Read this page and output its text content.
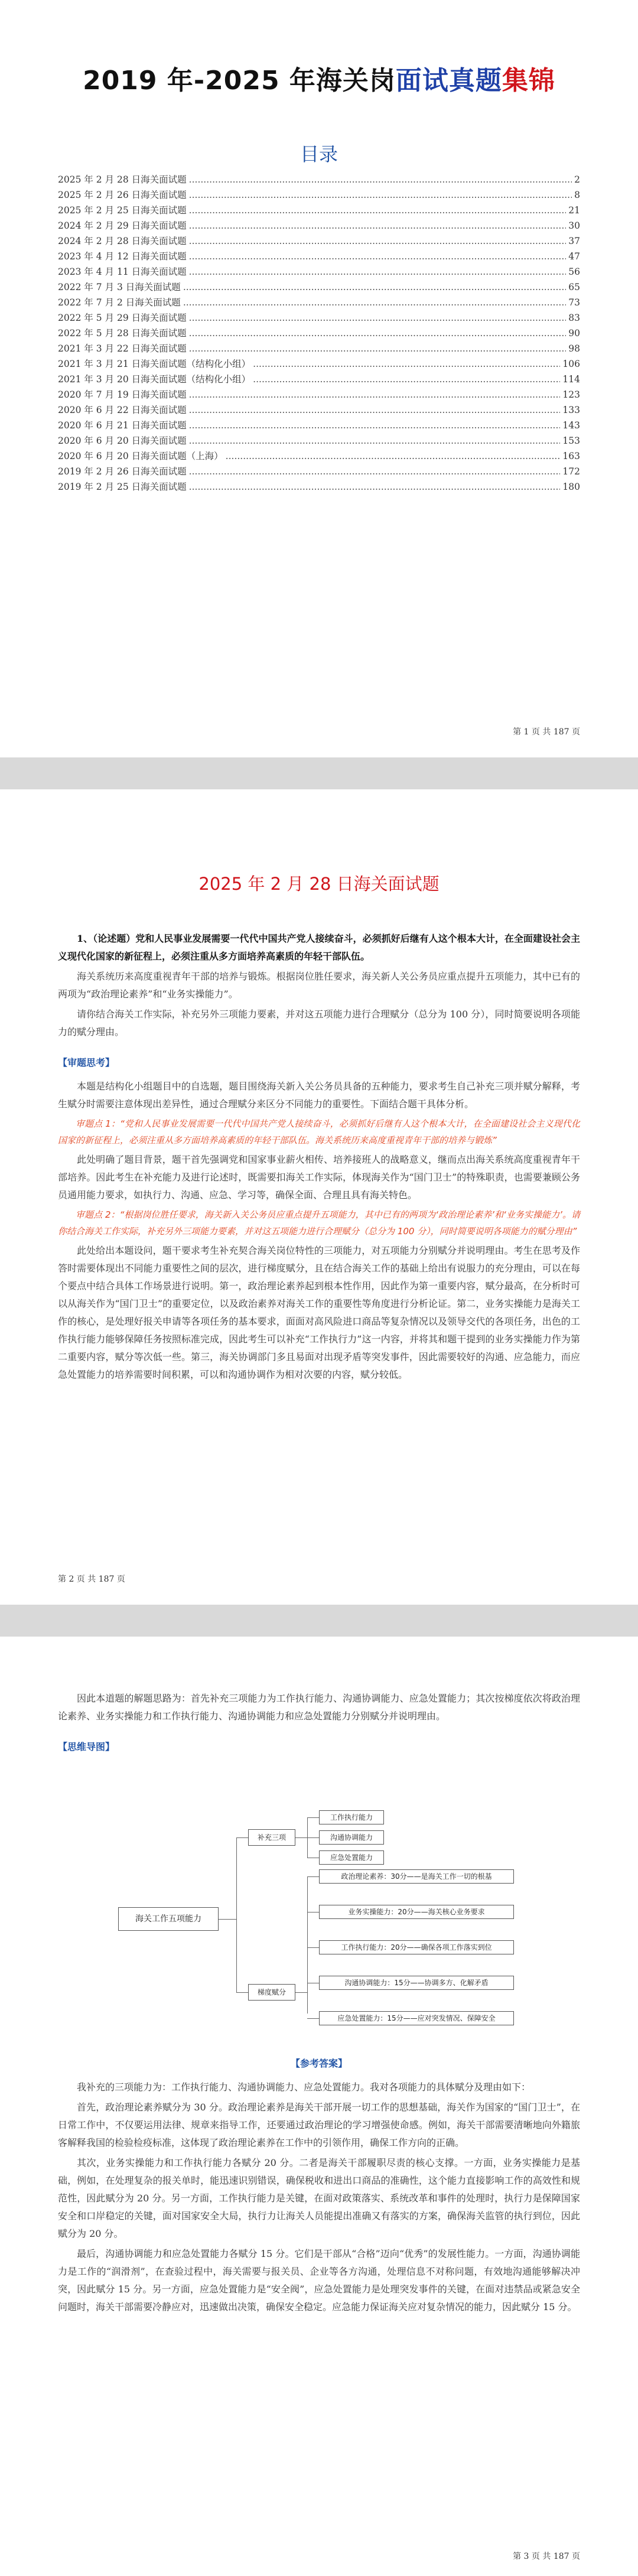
2019 年-2025 年海关岗面试真题集锦
目录
2025 年 2 月 28 日海关面试题 .....	2
2025 年 2 月 26 日海关面试题 .....	8
2025 年 2 月 25 日海关面试题 .....	21
2024 年 2 月 29 日海关面试题 .....	30
2024 年 2 月 28 日海关面试题 .....	37
2023 年 4 月 12 日海关面试题 .....	47
2023 年 4 月 11 日海关面试题 .....	56
2022 年 7 月 3 日海关面试题 .....	65
2022 年 7 月 2 日海关面试题 .....	73
2022 年 5 月 29 日海关面试题 .....	83
2022 年 5 月 28 日海关面试题 .....	90
2021 年 3 月 22 日海关面试题 .....	98
2021 年 3 月 21 日海关面试题（结构化小组） .....	106
2021 年 3 月 20 日海关面试题（结构化小组） .....	114
2020 年 7 月 19 日海关面试题 .....	123
2020 年 6 月 22 日海关面试题 .....	133
2020 年 6 月 21 日海关面试题 .....	143
2020 年 6 月 20 日海关面试题 .....	153
2020 年 6 月 20 日海关面试题（上海） .....	163
2019 年 2 月 26 日海关面试题 .....	172
2019 年 2 月 25 日海关面试题 .....	180
第 1 页 共 187 页
2025 年 2 月 28 日海关面试题

1、（论述题）党和人民事业发展需要一代代中国共产党人接续奋斗，必须抓好后继有人这个根本大计，在全面建设社会主义现代化国家的新征程上，必须注重从多方面培养高素质的年轻干部队伍。

海关系统历来高度重视青年干部的培养与锻炼。根据岗位胜任要求，海关新人关公务员应重点提升五项能力，其中已有的两项为“政治理论素养”和“业务实操能力”。

请你结合海关工作实际，补充另外三项能力要素，并对这五项能力进行合理赋分（总分为 100 分），同时简要说明各项能力的赋分理由。

【审题思考】

本题是结构化小组题目中的自选题，题目围绕海关新入关公务员具备的五种能力，要求考生自己补充三项并赋分解释，考生赋分时需要注意体现出差异性，通过合理赋分来区分不同能力的重要性。下面结合题干具体分析。

审题点 1：“党和人民事业发展需要一代代中国共产党人接续奋斗，必须抓好后继有人这个根本大计，在全面建设社会主义现代化国家的新征程上，必须注重从多方面培养高素质的年轻干部队伍。海关系统历来高度重视青年干部的培养与锻炼”

此处明确了题目背景，题干首先强调党和国家事业薪火相传、培养接班人的战略意义，继而点出海关系统高度重视青年干部培养。因此考生在补充能力及进行论述时，既需要扣海关工作实际，体现海关作为“国门卫士”的特殊职责，也需要兼顾公务员通用能力要求，如执行力、沟通、应急、学习等，确保全面、合理且具有海关特色。

审题点 2：“根据岗位胜任要求，海关新入关公务员应重点提升五项能力，其中已有的两项为‘政治理论素养’和‘业务实操能力’。请你结合海关工作实际，补充另外三项能力要素，并对这五项能力进行合理赋分（总分为 100 分），同时简要说明各项能力的赋分理由”

此处给出本题设问，题干要求考生补充契合海关岗位特性的三项能力，对五项能力分别赋分并说明理由。考生在思考及作答时需要体现出不同能力重要性之间的层次，进行梯度赋分，且在结合海关工作的基础上给出有说服力的充分理由，可以在每个要点中结合具体工作场景进行说明。第一，政治理论素养起到根本性作用，因此作为第一重要内容，赋分最高，在分析时可以从海关作为“国门卫士”的重要定位，以及政治素养对海关工作的重要性等角度进行分析论证。第二，业务实操能力是海关工作的核心，是处理好报关申请等各项任务的基本要求，面面对高风险进口商品等复杂情况以及领导交代的各项任务，出色的工作执行能力能够保障任务按照标准完成，因此考生可以补充“工作执行力”这一内容，并将其和题干提到的业务实操能力作为第二重要内容，赋分等次低一些。第三，海关协调部门多且易面对出现矛盾等突发事件，因此需要较好的沟通、应急能力，而应急处置能力的培养需要时间积累，可以和沟通协调作为相对次要的内容，赋分较低。

第 2 页 共 187 页

因此本道题的解题思路为：首先补充三项能力为工作执行能力、沟通协调能力、应急处置能力；其次按梯度依次将政治理论素养、业务实操能力和工作执行能力、沟通协调能力和应急处置能力分别赋分并说明理由。

【思维导图】
海关工作五项能力
补充三项
工作执行能力
沟通协调能力
应急处置能力
梯度赋分
政治理论素养：30分——是海关工作一切的根基
业务实操能力：20分——海关核心业务要求
工作执行能力：20分——确保各项工作落实到位
沟通协调能力：15分——协调多方、化解矛盾
应急处置能力：15分——应对突发情况、保障安全
【参考答案】

我补充的三项能力为：工作执行能力、沟通协调能力、应急处置能力。我对各项能力的具体赋分及理由如下：

首先，政治理论素养赋分为 30 分。政治理论素养是海关干部开展一切工作的思想基础，海关作为国家的“国门卫士”，在日常工作中，不仅要运用法律、规章来指导工作，还要通过政治理论的学习增强使命感。例如，海关干部需要清晰地向外籍旅客解释我国的检验检疫标准，这体现了政治理论素养在工作中的引领作用，确保工作方向的正确。

其次，业务实操能力和工作执行能力各赋分 20 分。二者是海关干部履职尽责的核心支撑。一方面，业务实操能力是基础，例如，在处理复杂的报关单时，能迅速识别错误，确保税收和进出口商品的准确性，这个能力直接影响工作的高效性和规范性，因此赋分为 20 分。另一方面，工作执行能力是关键，在面对政策落实、系统改革和事件的处理时，执行力是保障国家安全和口岸稳定的关键，面对国家安全大局，执行力让海关人员能提出准确又有落实的方案，确保海关监管的执行到位，因此赋分为 20 分。

最后，沟通协调能力和应急处置能力各赋分 15 分。它们是干部从“合格”迈向“优秀”的发展性能力。一方面，沟通协调能力是工作的“润滑剂”，在查验过程中，海关需要与报关员、企业等各方沟通，处理信息不对称问题，有效地沟通能够解决冲突，因此赋分 15 分。另一方面，应急处置能力是“安全阀”，应急处置能力是处理突发事件的关键，在面对违禁品或紧急安全问题时，海关干部需要冷静应对，迅速做出决策，确保安全稳定。应急能力保证海关应对复杂情况的能力，因此赋分 15 分。

第 3 页 共 187 页
